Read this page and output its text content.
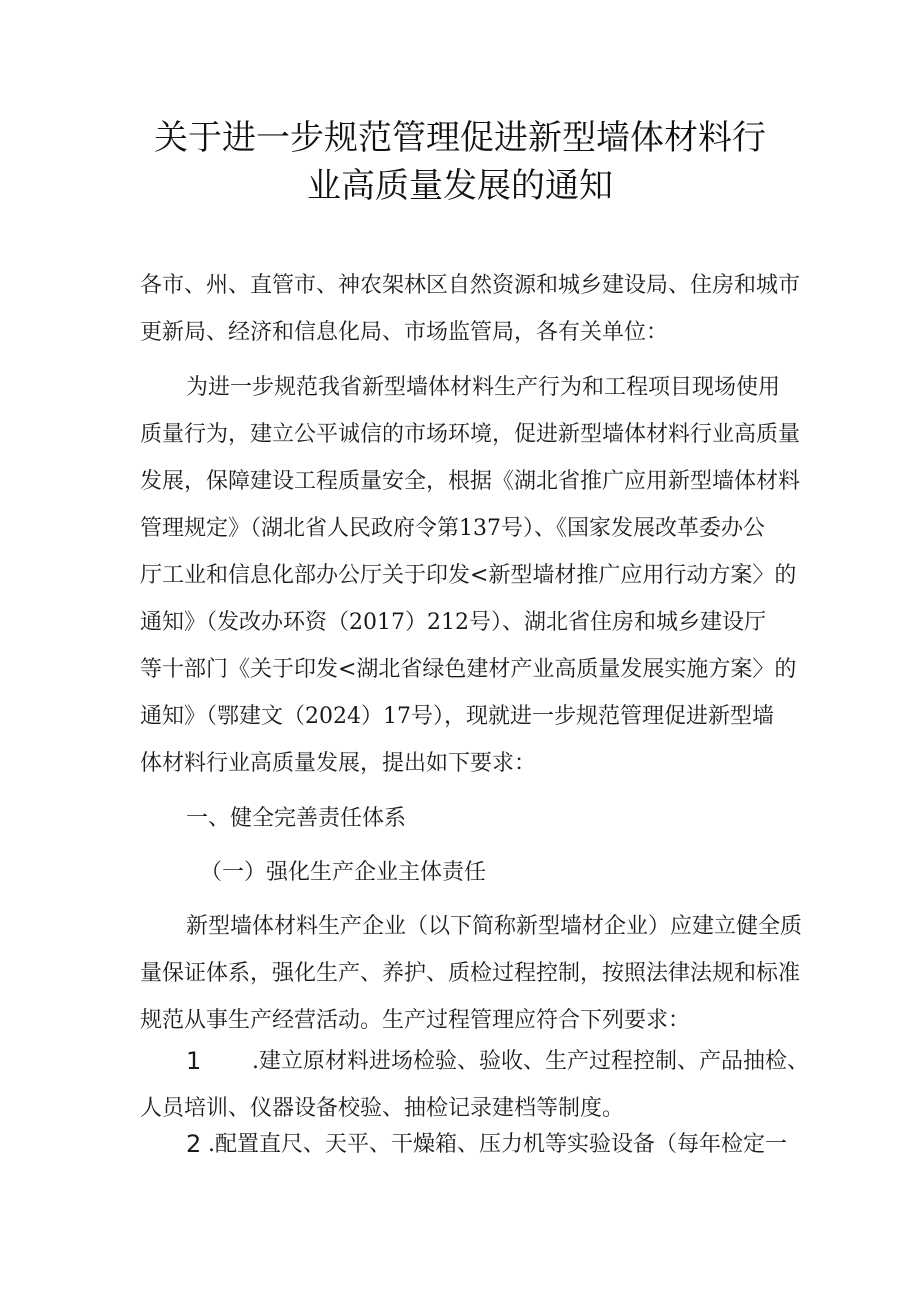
关于进一步规范管理促进新型墙体材料行
业高质量发展的通知
各市、州、直管市、神农架林区自然资源和城乡建设局、住房和城市
更新局、经济和信息化局、市场监管局，各有关单位：
为进一步规范我省新型墙体材料生产行为和工程项目现场使用
质量行为，建立公平诚信的市场环境，促进新型墙体材料行业高质量
发展，保障建设工程质量安全，根据《湖北省推广应用新型墙体材料
管理规定》（湖北省人民政府令第137号）、《国家发展改革委办公
厅工业和信息化部办公厅关于印发<新型墙材推广应用行动方案〉的
通知》（发改办环资（2017）212号）、湖北省住房和城乡建设厅
等十部门《关于印发<湖北省绿色建材产业高质量发展实施方案〉的
通知》（鄂建文（2024）17号），现就进一步规范管理促进新型墙
体材料行业高质量发展，提出如下要求：
一、健全完善责任体系
（一）强化生产企业主体责任
新型墙体材料生产企业（以下简称新型墙材企业）应建立健全质
量保证体系，强化生产、养护、质检过程控制，按照法律法规和标准
规范从事生产经营活动。生产过程管理应符合下列要求：
1 .建立原材料进场检验、验收、生产过程控制、产品抽检、
人员培训、仪器设备校验、抽检记录建档等制度。
2 .配置直尺、天平、干燥箱、压力机等实验设备（每年检定一
